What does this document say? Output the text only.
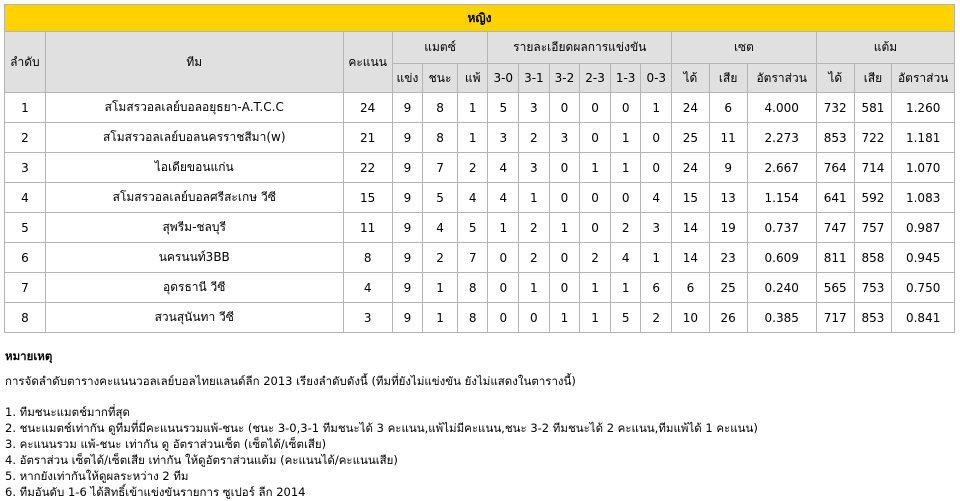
หญิง																	
ลำดับ	ทีม	คะแนน	แมตซ์			รายละเอียดผลการแข่งขัน						เซต			แต้ม		
			แข่ง	ชนะ	แพ้	3-0	3-1	3-2	2-3	1-3	0-3	ได้	เสีย	อัตราส่วน	ได้	เสีย	อัตราส่วน
1	สโมสรวอลเลย์บอลอยุธยา-A.T.C.C	24	9	8	1	5	3	0	0	0	1	24	6	4.000	732	581	1.260
2	สโมสรวอลเลย์บอลนครราชสีมา(w)	21	9	8	1	3	2	3	0	1	0	25	11	2.273	853	722	1.181
3	ไอเดียขอนแก่น	22	9	7	2	4	3	0	1	1	0	24	9	2.667	764	714	1.070
4	สโมสรวอลเลย์บอลศรีสะเกษ วีซี	15	9	5	4	4	1	0	0	0	4	15	13	1.154	641	592	1.083
5	สุพรีม-ชลบุรี	11	9	4	5	1	2	1	0	2	3	14	19	0.737	747	757	0.987
6	นครนนท์3BB	8	9	2	7	0	2	0	2	4	1	14	23	0.609	811	858	0.945
7	อุดรธานี วีซี	4	9	1	8	0	1	0	1	1	6	6	25	0.240	565	753	0.750
8	สวนสุนันทา วีซี	3	9	1	8	0	0	1	1	5	2	10	26	0.385	717	853	0.841
หมายเหตุ
การจัดลำดับตารางคะแนนวอลเลย์บอลไทยแลนด์ลีก 2013 เรียงลำดับดังนี้ (ทีมที่ยังไม่แข่งขัน ยังไม่แสดงในตารางนี้)
1. ทีมชนะแมตช์มากที่สุด
2. ชนะแมตช์เท่ากัน ดูทีมที่มีคะแนนรวมแพ้-ชนะ (ชนะ 3-0,3-1 ทีมชนะได้ 3 คะแนน,แพ้ไม่มีคะแนน,ชนะ 3-2 ทีมชนะได้ 2 คะแนน,ทีมแพ้ได้ 1 คะแนน)
3. คะแนนรวม แพ้-ชนะ เท่ากัน ดู อัตราส่วนเซ็ต (เซ็ตได้/เซ็ตเสีย)
4. อัตราส่วน เซ็ตได้/เซ็ตเสีย เท่ากัน ให้ดูอัตราส่วนแต้ม (คะแนนได้/คะแนนเสีย)
5. หากยังเท่ากันให้ดูผลระหว่าง 2 ทีม
6. ทีมอันดับ 1-6 ได้สิทธิ์เข้าแข่งขันรายการ ซูเปอร์ ลีก 2014
